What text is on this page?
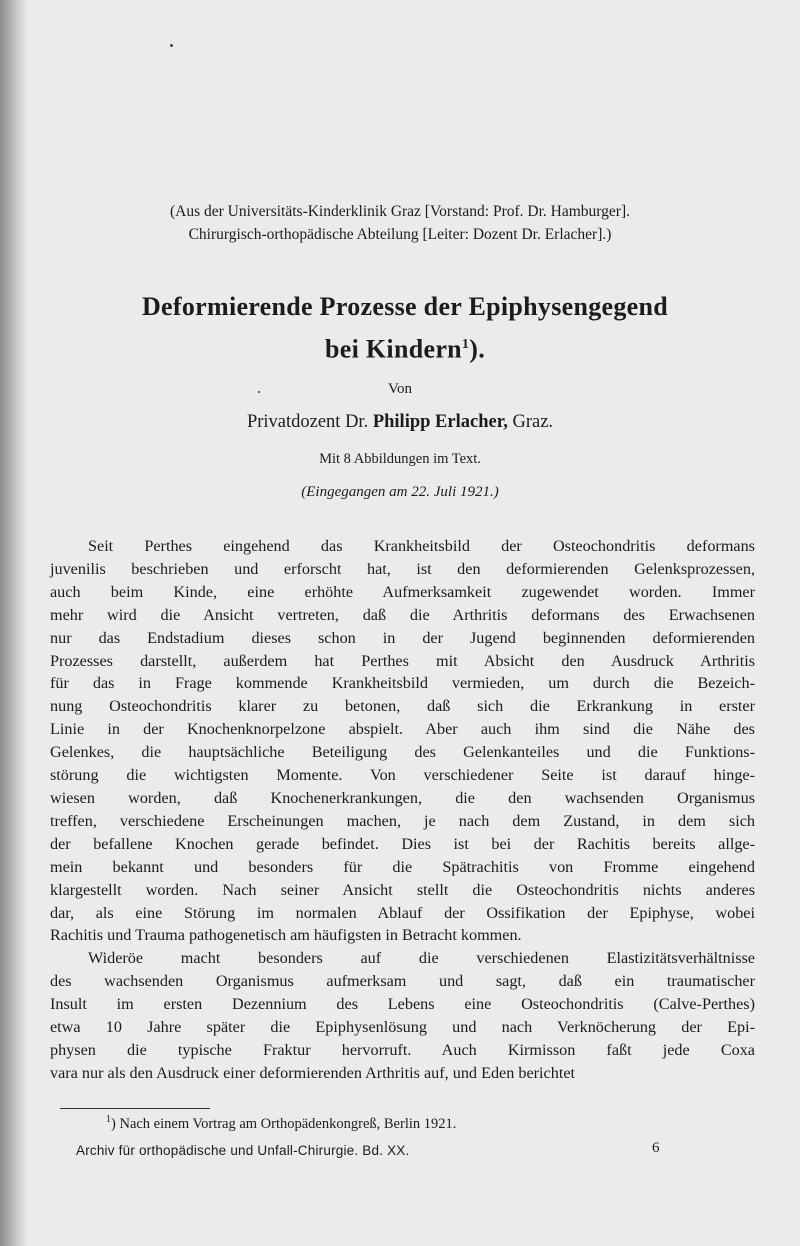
(Aus der Universitäts-Kinderklinik Graz [Vorstand: Prof. Dr. Hamburger].
Chirurgisch-orthopädische Abteilung [Leiter: Dozent Dr. Erlacher].)
Deformierende Prozesse der Epiphysengegend
bei Kindern$^1$).
Von
Privatdozent Dr. Philipp Erlacher, Graz.
Mit 8 Abbildungen im Text.
(Eingegangen am 22. Juli 1921.)
Seit Perthes eingehend das Krankheitsbild der Osteochondritis deformans
juvenilis beschrieben und erforscht hat, ist den deformierenden Gelenksprozessen,
auch beim Kinde, eine erhöhte Aufmerksamkeit zugewendet worden. Immer
mehr wird die Ansicht vertreten, daß die Arthritis deformans des Erwachsenen
nur das Endstadium dieses schon in der Jugend beginnenden deformierenden
Prozesses darstellt, außerdem hat Perthes mit Absicht den Ausdruck Arthritis
für das in Frage kommende Krankheitsbild vermieden, um durch die Bezeich-
nung Osteochondritis klarer zu betonen, daß sich die Erkrankung in erster
Linie in der Knochenknorpelzone abspielt. Aber auch ihm sind die Nähe des
Gelenkes, die hauptsächliche Beteiligung des Gelenkanteiles und die Funktions-
störung die wichtigsten Momente. Von verschiedener Seite ist darauf hinge-
wiesen worden, daß Knochenerkrankungen, die den wachsenden Organismus
treffen, verschiedene Erscheinungen machen, je nach dem Zustand, in dem sich
der befallene Knochen gerade befindet. Dies ist bei der Rachitis bereits allge-
mein bekannt und besonders für die Spätrachitis von Fromme eingehend
klargestellt worden. Nach seiner Ansicht stellt die Osteochondritis nichts anderes
dar, als eine Störung im normalen Ablauf der Ossifikation der Epiphyse, wobei
Rachitis und Trauma pathogenetisch am häufigsten in Betracht kommen.
Wideröe macht besonders auf die verschiedenen Elastizitätsverhältnisse
des wachsenden Organismus aufmerksam und sagt, daß ein traumatischer
Insult im ersten Dezennium des Lebens eine Osteochondritis (Calve-Perthes)
etwa 10 Jahre später die Epiphysenlösung und nach Verknöcherung der Epi-
physen die typische Fraktur hervorruft. Auch Kirmisson faßt jede Coxa
vara nur als den Ausdruck einer deformierenden Arthritis auf, und Eden berichtet
$^1$) Nach einem Vortrag am Orthopädenkongreß, Berlin 1921.
Archiv für orthopädische und Unfall-Chirurgie. Bd. XX.	6
